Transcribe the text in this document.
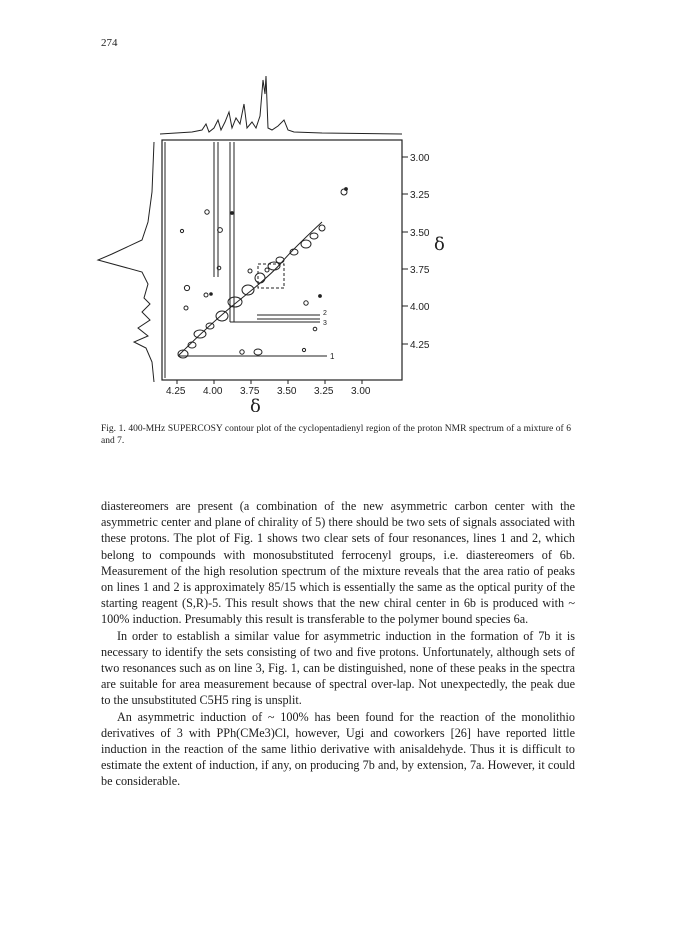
274
3.00
3.25
3.50
3.75
4.00
4.25
δ
4.25 4.00 3.75 3.50 3.25 3.00
δ
1
2
3
Fig. 1. 400-MHz SUPERCOSY contour plot of the cyclopentadienyl region of the proton NMR spectrum of a mixture of 6 and 7.

diastereomers are present (a combination of the new asymmetric carbon center with the asymmetric center and plane of chirality of 5) there should be two sets of signals associated with these protons. The plot of Fig. 1 shows two clear sets of four resonances, lines 1 and 2, which belong to compounds with monosubstituted ferrocenyl groups, i.e. diastereomers of 6b. Measurement of the high resolution spectrum of the mixture reveals that the area ratio of peaks on lines 1 and 2 is approximately 85/15 which is essentially the same as the optical purity of the starting reagent (S,R)-5. This result shows that the new chiral center in 6b is produced with ~ 100% induction. Presumably this result is transferable to the polymer bound species 6a.

In order to establish a similar value for asymmetric induction in the formation of 7b it is necessary to identify the sets consisting of two and five protons. Unfortunately, although sets of two resonances such as on line 3, Fig. 1, can be distinguished, none of these peaks in the spectra are suitable for area measurement because of spectral over-lap. Not unexpectedly, the peak due to the unsubstituted C5H5 ring is unsplit.

An asymmetric induction of ~ 100% has been found for the reaction of the monolithio derivatives of 3 with PPh(CMe3)Cl, however, Ugi and coworkers [26] have reported little induction in the reaction of the same lithio derivative with anisaldehyde. Thus it is difficult to estimate the extent of induction, if any, on producing 7b and, by extension, 7a. However, it could be considerable.
